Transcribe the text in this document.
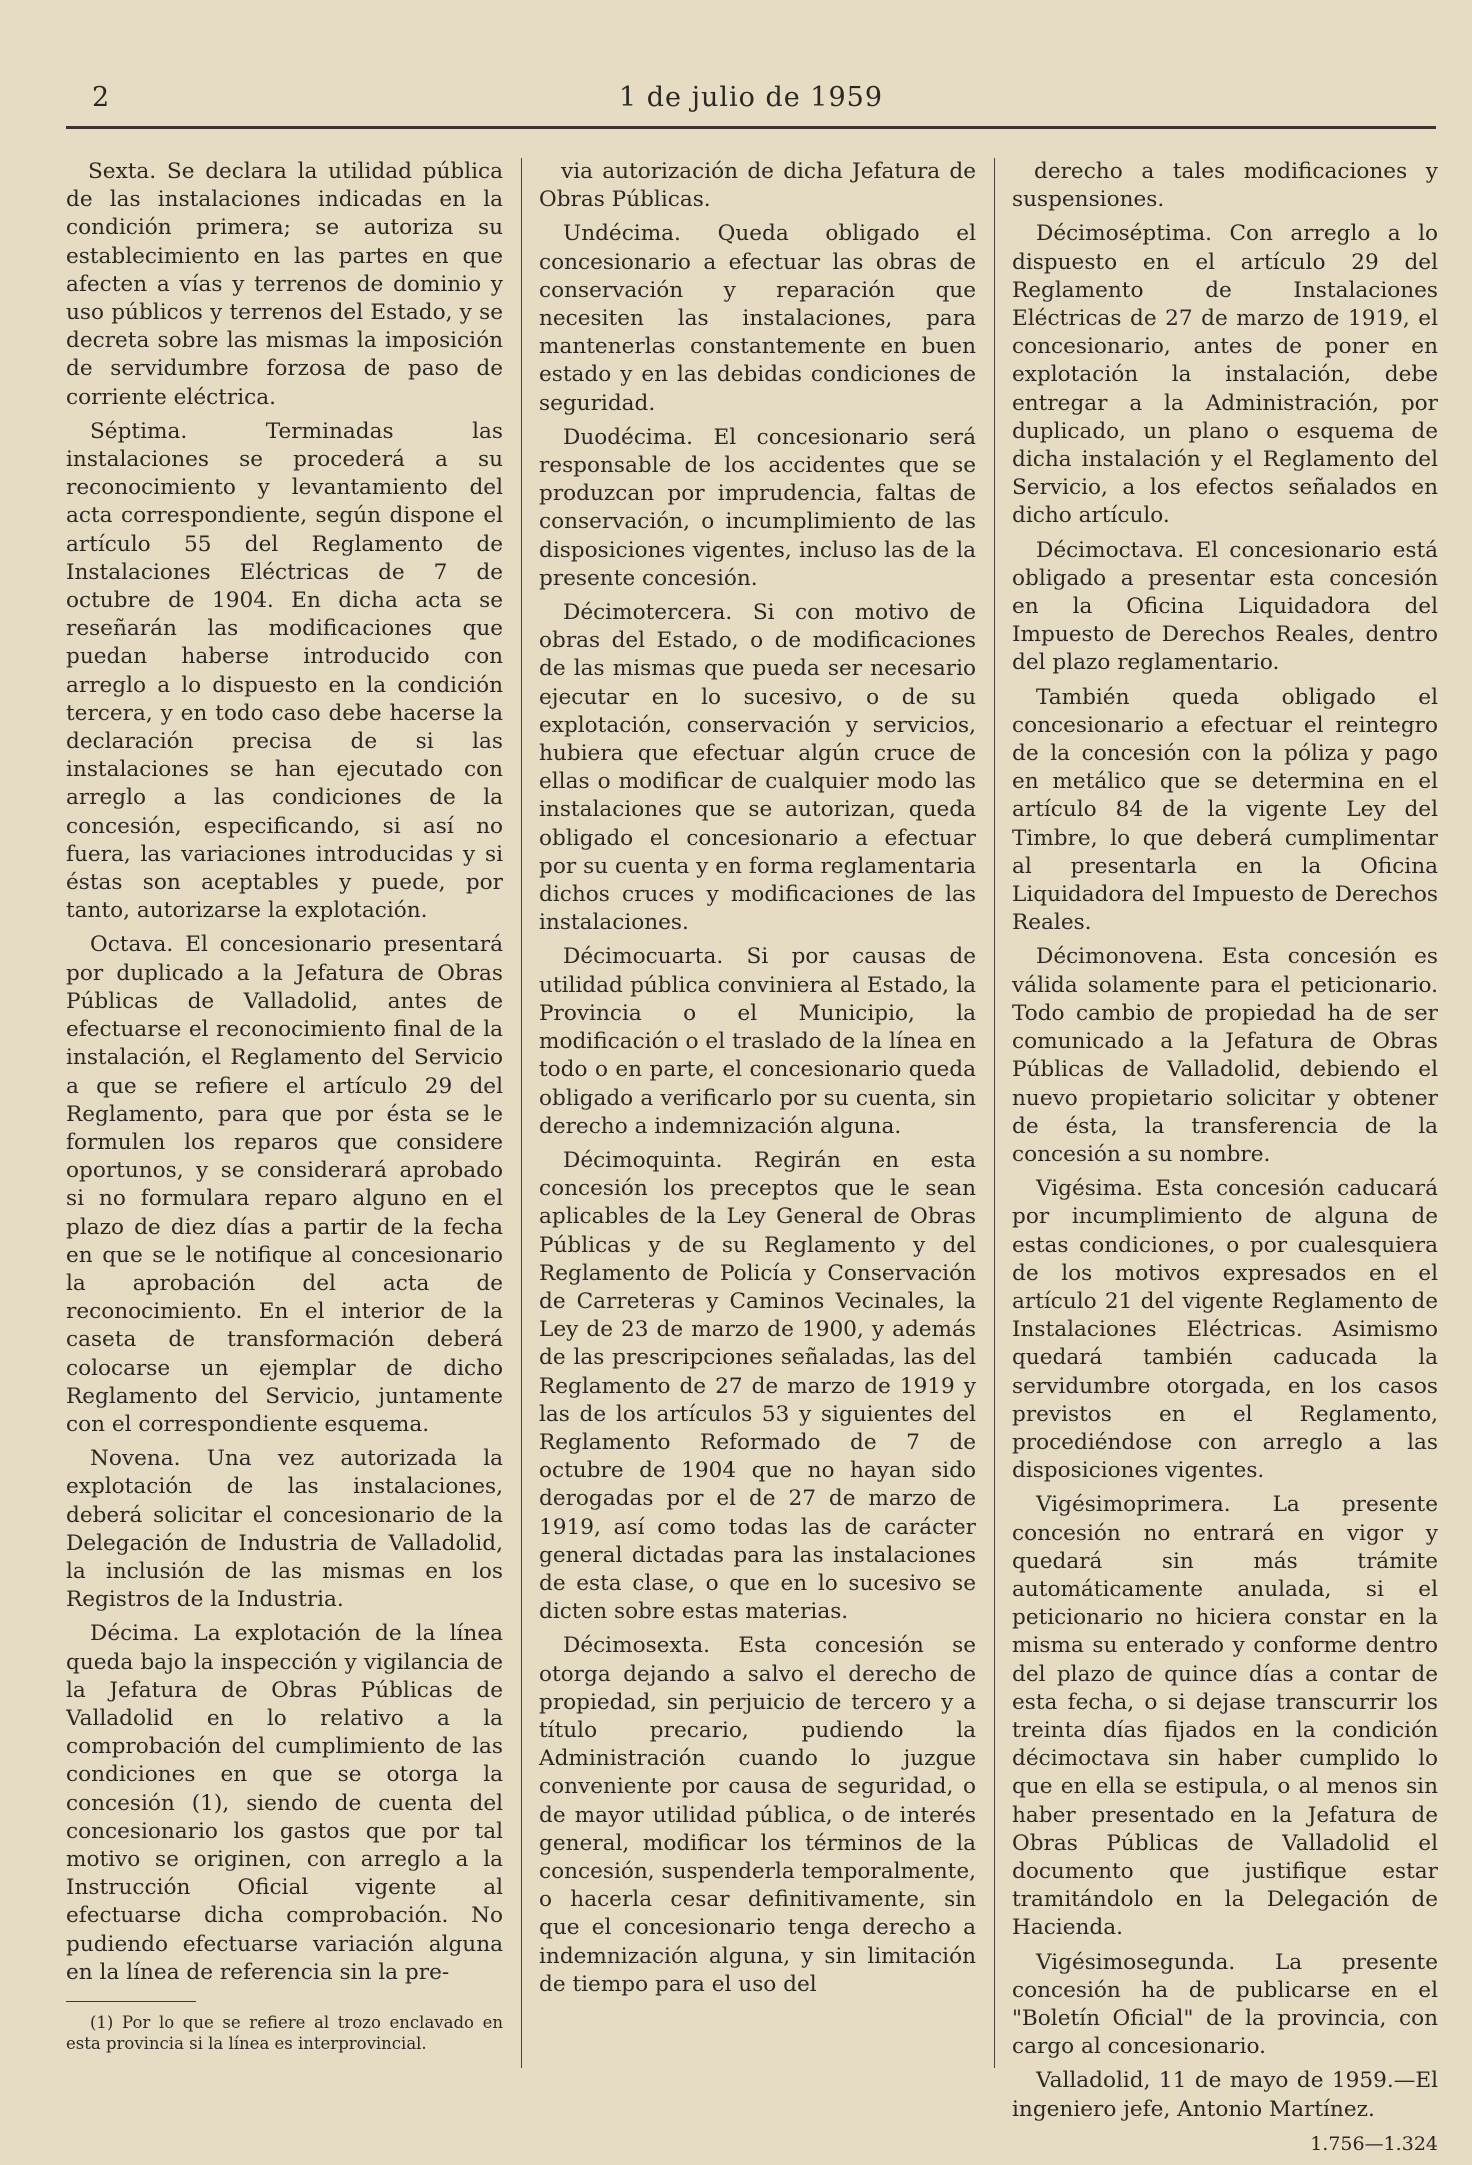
2	1 de julio de 1959

Sexta. Se declara la utilidad pública de las instalaciones indicadas en la condición primera; se autoriza su establecimiento en las partes en que afecten a vías y terrenos de dominio y uso públicos y terrenos del Estado, y se decreta sobre las mismas la imposición de servidumbre forzosa de paso de corriente eléctrica.

Séptima. Terminadas las instalaciones se procederá a su reconocimiento y levantamiento del acta correspondiente, según dispone el artículo 55 del Reglamento de Instalaciones Eléctricas de 7 de octubre de 1904. En dicha acta se reseñarán las modificaciones que puedan haberse introducido con arreglo a lo dispuesto en la condición tercera, y en todo caso debe hacerse la declaración precisa de si las instalaciones se han ejecutado con arreglo a las condiciones de la concesión, especificando, si así no fuera, las variaciones introducidas y si éstas son aceptables y puede, por tanto, autorizarse la explotación.

Octava. El concesionario presentará por duplicado a la Jefatura de Obras Públicas de Valladolid, antes de efectuarse el reconocimiento final de la instalación, el Reglamento del Servicio a que se refiere el artículo 29 del Reglamento, para que por ésta se le formulen los reparos que considere oportunos, y se considerará aprobado si no formulara reparo alguno en el plazo de diez días a partir de la fecha en que se le notifique al concesionario la aprobación del acta de reconocimiento. En el interior de la caseta de transformación deberá colocarse un ejemplar de dicho Reglamento del Servicio, juntamente con el correspondiente esquema.

Novena. Una vez autorizada la explotación de las instalaciones, deberá solicitar el concesionario de la Delegación de Industria de Valladolid, la inclusión de las mismas en los Registros de la Industria.

Décima. La explotación de la línea queda bajo la inspección y vigilancia de la Jefatura de Obras Públicas de Valladolid en lo relativo a la comprobación del cumplimiento de las condiciones en que se otorga la concesión (1), siendo de cuenta del concesionario los gastos que por tal motivo se originen, con arreglo a la Instrucción Oficial vigente al efectuarse dicha comprobación. No pudiendo efectuarse variación alguna en la línea de referencia sin la pre-

(1) Por lo que se refiere al trozo enclavado en esta provincia si la línea es interprovincial.

via autorización de dicha Jefatura de Obras Públicas.

Undécima. Queda obligado el concesionario a efectuar las obras de conservación y reparación que necesiten las instalaciones, para mantenerlas constantemente en buen estado y en las debidas condiciones de seguridad.

Duodécima. El concesionario será responsable de los accidentes que se produzcan por imprudencia, faltas de conservación, o incumplimiento de las disposiciones vigentes, incluso las de la presente concesión.

Décimotercera. Si con motivo de obras del Estado, o de modificaciones de las mismas que pueda ser necesario ejecutar en lo sucesivo, o de su explotación, conservación y servicios, hubiera que efectuar algún cruce de ellas o modificar de cualquier modo las instalaciones que se autorizan, queda obligado el concesionario a efectuar por su cuenta y en forma reglamentaria dichos cruces y modificaciones de las instalaciones.

Décimocuarta. Si por causas de utilidad pública conviniera al Estado, la Provincia o el Municipio, la modificación o el traslado de la línea en todo o en parte, el concesionario queda obligado a verificarlo por su cuenta, sin derecho a indemnización alguna.

Décimoquinta. Regirán en esta concesión los preceptos que le sean aplicables de la Ley General de Obras Públicas y de su Reglamento y del Reglamento de Policía y Conservación de Carreteras y Caminos Vecinales, la Ley de 23 de marzo de 1900, y además de las prescripciones señaladas, las del Reglamento de 27 de marzo de 1919 y las de los artículos 53 y siguientes del Reglamento Reformado de 7 de octubre de 1904 que no hayan sido derogadas por el de 27 de marzo de 1919, así como todas las de carácter general dictadas para las instalaciones de esta clase, o que en lo sucesivo se dicten sobre estas materias.

Décimosexta. Esta concesión se otorga dejando a salvo el derecho de propiedad, sin perjuicio de tercero y a título precario, pudiendo la Administración cuando lo juzgue conveniente por causa de seguridad, o de mayor utilidad pública, o de interés general, modificar los términos de la concesión, suspenderla temporalmente, o hacerla cesar definitivamente, sin que el concesionario tenga derecho a indemnización alguna, y sin limitación de tiempo para el uso del

derecho a tales modificaciones y suspensiones.

Décimoséptima. Con arreglo a lo dispuesto en el artículo 29 del Reglamento de Instalaciones Eléctricas de 27 de marzo de 1919, el concesionario, antes de poner en explotación la instalación, debe entregar a la Administración, por duplicado, un plano o esquema de dicha instalación y el Reglamento del Servicio, a los efectos señalados en dicho artículo.

Décimoctava. El concesionario está obligado a presentar esta concesión en la Oficina Liquidadora del Impuesto de Derechos Reales, dentro del plazo reglamentario.

También queda obligado el concesionario a efectuar el reintegro de la concesión con la póliza y pago en metálico que se determina en el artículo 84 de la vigente Ley del Timbre, lo que deberá cumplimentar al presentarla en la Oficina Liquidadora del Impuesto de Derechos Reales.

Décimonovena. Esta concesión es válida solamente para el peticionario. Todo cambio de propiedad ha de ser comunicado a la Jefatura de Obras Públicas de Valladolid, debiendo el nuevo propietario solicitar y obtener de ésta, la transferencia de la concesión a su nombre.

Vigésima. Esta concesión caducará por incumplimiento de alguna de estas condiciones, o por cualesquiera de los motivos expresados en el artículo 21 del vigente Reglamento de Instalaciones Eléctricas. Asimismo quedará también caducada la servidumbre otorgada, en los casos previstos en el Reglamento, procediéndose con arreglo a las disposiciones vigentes.

Vigésimoprimera. La presente concesión no entrará en vigor y quedará sin más trámite automáticamente anulada, si el peticionario no hiciera constar en la misma su enterado y conforme dentro del plazo de quince días a contar de esta fecha, o si dejase transcurrir los treinta días fijados en la condición décimoctava sin haber cumplido lo que en ella se estipula, o al menos sin haber presentado en la Jefatura de Obras Públicas de Valladolid el documento que justifique estar tramitándolo en la Delegación de Hacienda.

Vigésimosegunda. La presente concesión ha de publicarse en el "Boletín Oficial" de la provincia, con cargo al concesionario.

Valladolid, 11 de mayo de 1959.—El ingeniero jefe, Antonio Martínez.

1.756—1.324
